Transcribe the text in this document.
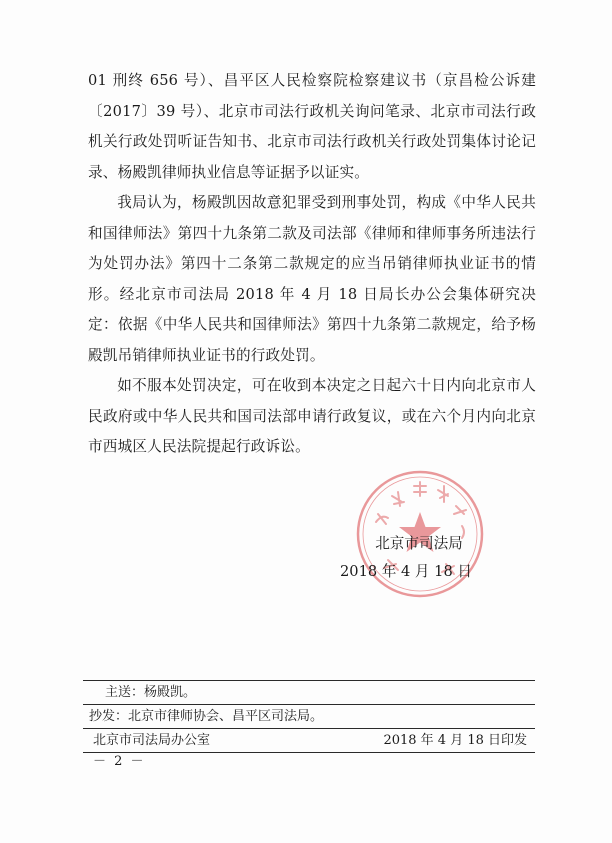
01 刑终 656 号）、昌平区人民检察院检察建议书（京昌检公诉建〔2017〕39 号）、北京市司法行政机关询问笔录、北京市司法行政机关行政处罚听证告知书、北京市司法行政机关行政处罚集体讨论记录、杨殿凯律师执业信息等证据予以证实。

我局认为，杨殿凯因故意犯罪受到刑事处罚，构成《中华人民共和国律师法》第四十九条第二款及司法部《律师和律师事务所违法行为处罚办法》第四十二条第二款规定的应当吊销律师执业证书的情形。经北京市司法局 2018 年 4 月 18 日局长办公会集体研究决定：依据《中华人民共和国律师法》第四十九条第二款规定，给予杨殿凯吊销律师执业证书的行政处罚。

如不服本处罚决定，可在收到本决定之日起六十日内向北京市人民政府或中华人民共和国司法部申请行政复议，或在六个月内向北京市西城区人民法院提起行政诉讼。

北京市司法局
2018 年 4 月 18 日
主送：杨殿凯。
抄发：北京市律师协会、昌平区司法局。
北京市司法局办公室	2018 年 4 月 18 日印发
－ 2 －
